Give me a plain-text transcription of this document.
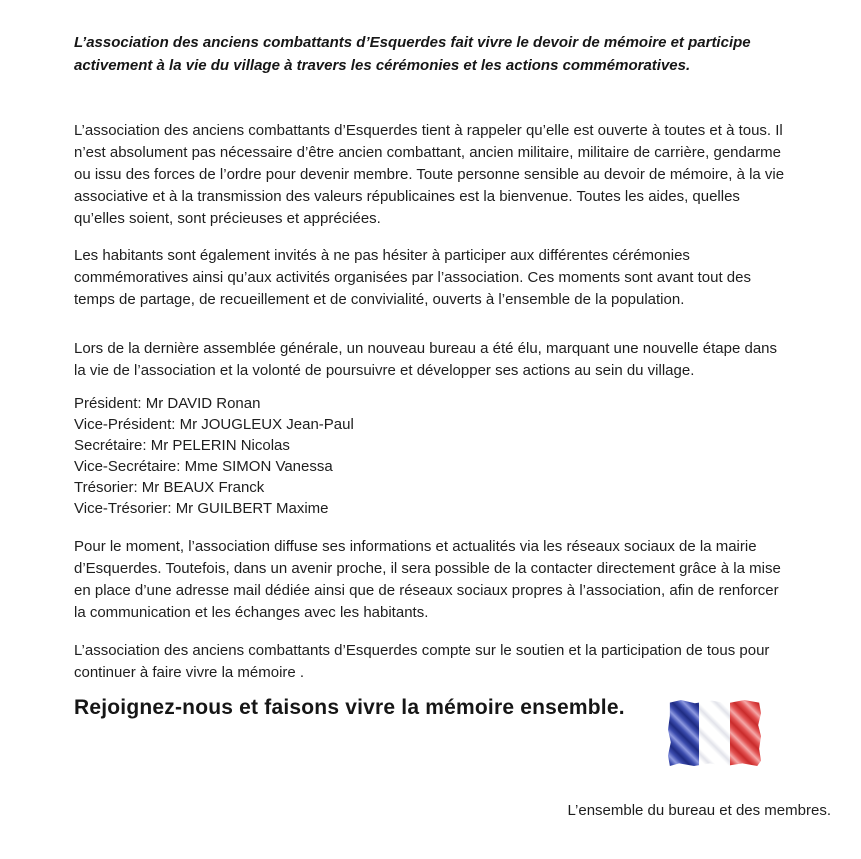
L’association des anciens combattants d’Esquerdes fait vivre le devoir de mémoire et participe activement à la vie du village à travers les cérémonies et les actions commémoratives.

L’association des anciens combattants d’Esquerdes tient à rappeler qu’elle est ouverte à toutes et à tous. Il n’est absolument pas nécessaire d’être ancien combattant, ancien militaire, militaire de carrière, gendarme ou issu des forces de l’ordre pour devenir membre. Toute personne sensible au devoir de mémoire, à la vie associative et à la transmission des valeurs républicaines est la bienvenue. Toutes les aides, quelles qu’elles soient, sont précieuses et appréciées.

Les habitants sont également invités à ne pas hésiter à participer aux différentes cérémonies commémoratives ainsi qu’aux activités organisées par l’association. Ces moments sont avant tout des temps de partage, de recueillement et de convivialité, ouverts à l’ensemble de la population.

Lors de la dernière assemblée générale, un nouveau bureau a été élu, marquant une nouvelle étape dans la vie de l’association et la volonté de poursuivre et développer ses actions au sein du village.

Président: Mr DAVID Ronan
Vice-Président: Mr JOUGLEUX Jean-Paul
Secrétaire: Mr PELERIN Nicolas
Vice-Secrétaire: Mme SIMON Vanessa
Trésorier: Mr BEAUX Franck
Vice-Trésorier: Mr GUILBERT Maxime

Pour le moment, l’association diffuse ses informations et actualités via les réseaux sociaux de la mairie d’Esquerdes. Toutefois, dans un avenir proche, il sera possible de la contacter directement grâce à la mise en place d’une adresse mail dédiée ainsi que de réseaux sociaux propres à l’association, afin de renforcer la communication et les échanges avec les habitants.

L’association des anciens combattants d’Esquerdes compte sur le soutien et la participation de tous pour continuer à faire vivre la mémoire .

Rejoignez-nous et faisons vivre la mémoire ensemble.
L’ensemble du bureau et des membres.
